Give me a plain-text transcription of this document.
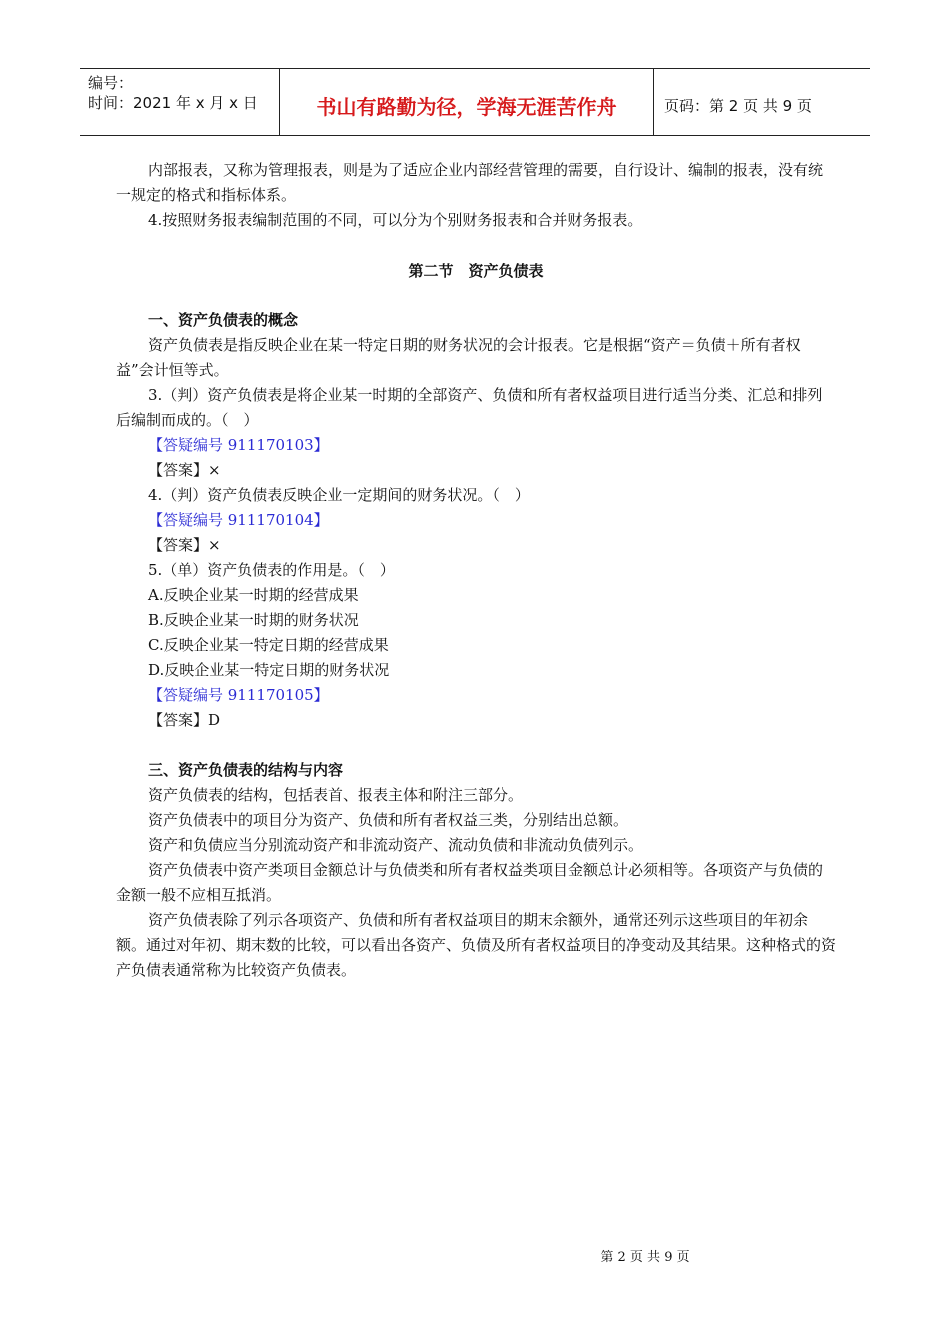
编号：
时间：2021 年 x 月 x 日	书山有路勤为径，学海无涯苦作舟	页码：第 2 页 共 9 页

内部报表，又称为管理报表，则是为了适应企业内部经营管理的需要，自行设计、编制的报表，没有统一规定的格式和指标体系。

4.按照财务报表编制范围的不同，可以分为个别财务报表和合并财务报表。

第二节　资产负债表

一、资产负债表的概念

资产负债表是指反映企业在某一特定日期的财务状况的会计报表。它是根据“资产＝负债＋所有者权益”会计恒等式。

3.（判）资产负债表是将企业某一时期的全部资产、负债和所有者权益项目进行适当分类、汇总和排列后编制而成的。（　）

【答疑编号 911170103】

【答案】×

4.（判）资产负债表反映企业一定期间的财务状况。（　）

【答疑编号 911170104】

【答案】×

5.（单）资产负债表的作用是。（　）

A.反映企业某一时期的经营成果

B.反映企业某一时期的财务状况

C.反映企业某一特定日期的经营成果

D.反映企业某一特定日期的财务状况

【答疑编号 911170105】

【答案】D

三、资产负债表的结构与内容

资产负债表的结构，包括表首、报表主体和附注三部分。

资产负债表中的项目分为资产、负债和所有者权益三类，分别结出总额。

资产和负债应当分别流动资产和非流动资产、流动负债和非流动负债列示。

资产负债表中资产类项目金额总计与负债类和所有者权益类项目金额总计必须相等。各项资产与负债的金额一般不应相互抵消。

资产负债表除了列示各项资产、负债和所有者权益项目的期末余额外，通常还列示这些项目的年初余额。通过对年初、期末数的比较，可以看出各资产、负债及所有者权益项目的净变动及其结果。这种格式的资产负债表通常称为比较资产负债表。

第 2 页 共 9 页
